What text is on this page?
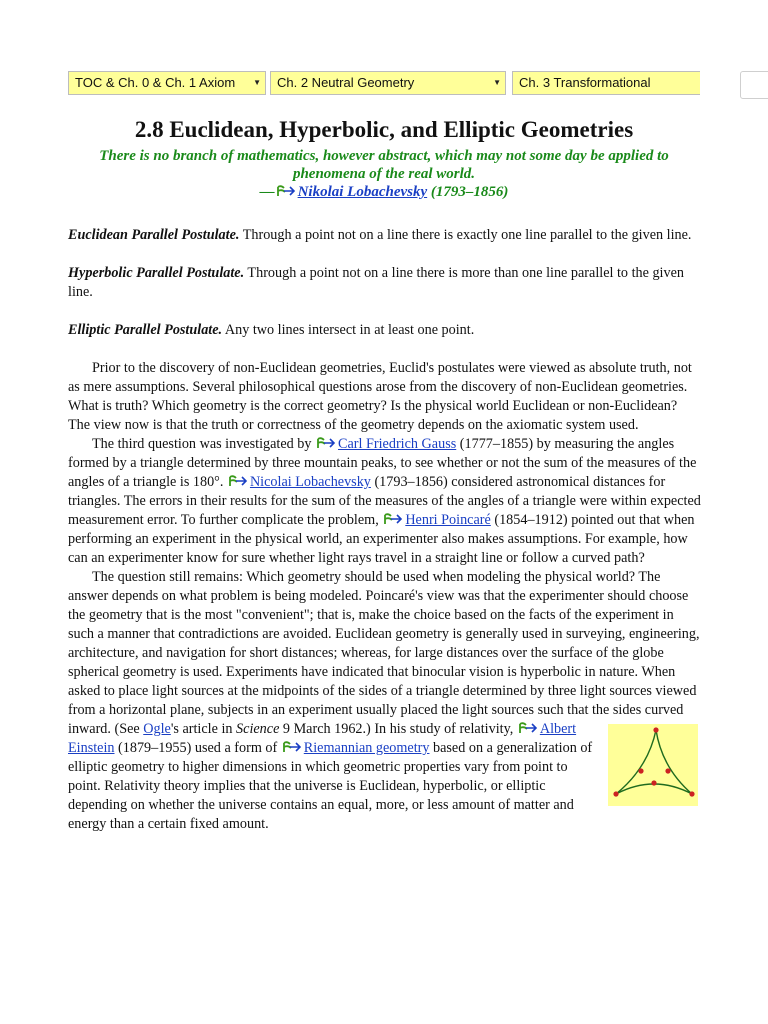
TOC & Ch. 0 & Ch. 1 Axiom ▼	Ch. 2 Neutral Geometry	▼	Ch. 3 Transformational
2.8 Euclidean, Hyperbolic, and Elliptic Geometries
There is no branch of mathematics, however abstract, which may not some day be applied to phenomena of the real world.
— Nikolai Lobachevsky (1793–1856)

Euclidean Parallel Postulate. Through a point not on a line there is exactly one line parallel to the given line.

Hyperbolic Parallel Postulate. Through a point not on a line there is more than one line parallel to the given line.

Elliptic Parallel Postulate. Any two lines intersect in at least one point.

Prior to the discovery of non-Euclidean geometries, Euclid's postulates were viewed as absolute truth, not as mere assumptions. Several philosophical questions arose from the discovery of non-Euclidean geometries. What is truth? Which geometry is the correct geometry? Is the physical world Euclidean or non-Euclidean? The view now is that the truth or correctness of the geometry depends on the axiomatic system used.

The third question was investigated by Carl Friedrich Gauss (1777–1855) by measuring the angles formed by a triangle determined by three mountain peaks, to see whether or not the sum of the measures of the angles of a triangle is 180°. Nicolai Lobachevsky (1793–1856) considered astronomical distances for triangles. The errors in their results for the sum of the measures of the angles of a triangle were within expected measurement error. To further complicate the problem, Henri Poincaré (1854–1912) pointed out that when performing an experiment in the physical world, an experimenter also makes assumptions. For example, how can an experimenter know for sure whether light rays travel in a straight line or follow a curved path?

The question still remains: Which geometry should be used when modeling the physical world? The answer depends on what problem is being modeled. Poincaré's view was that the experimenter should choose the geometry that is the most "convenient"; that is, make the choice based on the facts of the experiment in such a manner that contradictions are avoided. Euclidean geometry is generally used in surveying, engineering, architecture, and navigation for short distances; whereas, for large distances over the surface of the globe spherical geometry is used. Experiments have indicated that binocular vision is hyperbolic in nature. When asked to place light sources at the midpoints of the sides of a triangle determined by three light sources viewed from a horizontal plane, subjects in an experiment usually placed the light sources such that the sides curved inward. (See
Ogle's article in Science 9 March 1962.) In his study of relativity, Albert Einstein (1879–1955) used a form of Riemannian geometry based on a generalization of elliptic geometry to higher dimensions in which geometric properties vary from point to point. Relativity theory implies that the universe is Euclidean, hyperbolic, or elliptic depending on whether the universe contains an equal, more, or less amount of matter and energy than a certain fixed amount.
